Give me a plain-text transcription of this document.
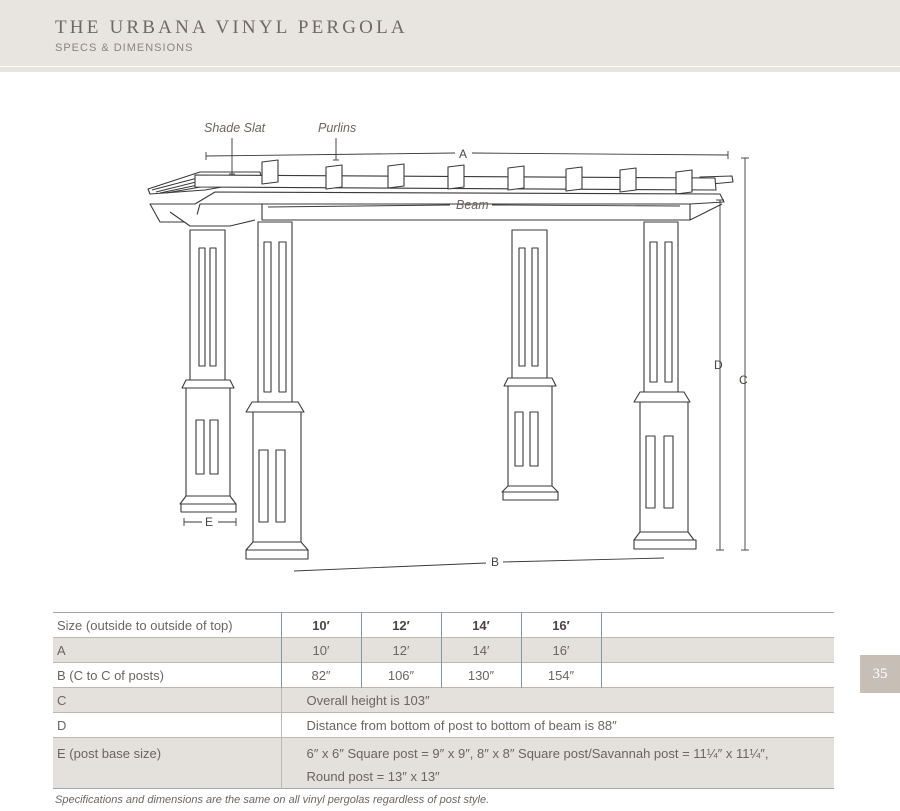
THE URBANA VINYL PERGOLA
SPECS & DIMENSIONS
Shade Slat	Purlins
Beam
A
B
C
D
E
Size (outside to outside of top)	10′	12′	14′	16′	
A	10′	12′	14′	16′	
B (C to C of posts)	82″	106″	130″	154″	
C	Overall height is 103″				
D	Distance from bottom of post to bottom of beam is 88″				
E (post base size)	6″ x 6″ Square post = 9″ x 9″, 8″ x 8″ Square post/Savannah post = 11¼″ x 11¼″,
Round post = 13″ x 13″				
Specifications and dimensions are the same on all vinyl pergolas regardless of post style.
35
